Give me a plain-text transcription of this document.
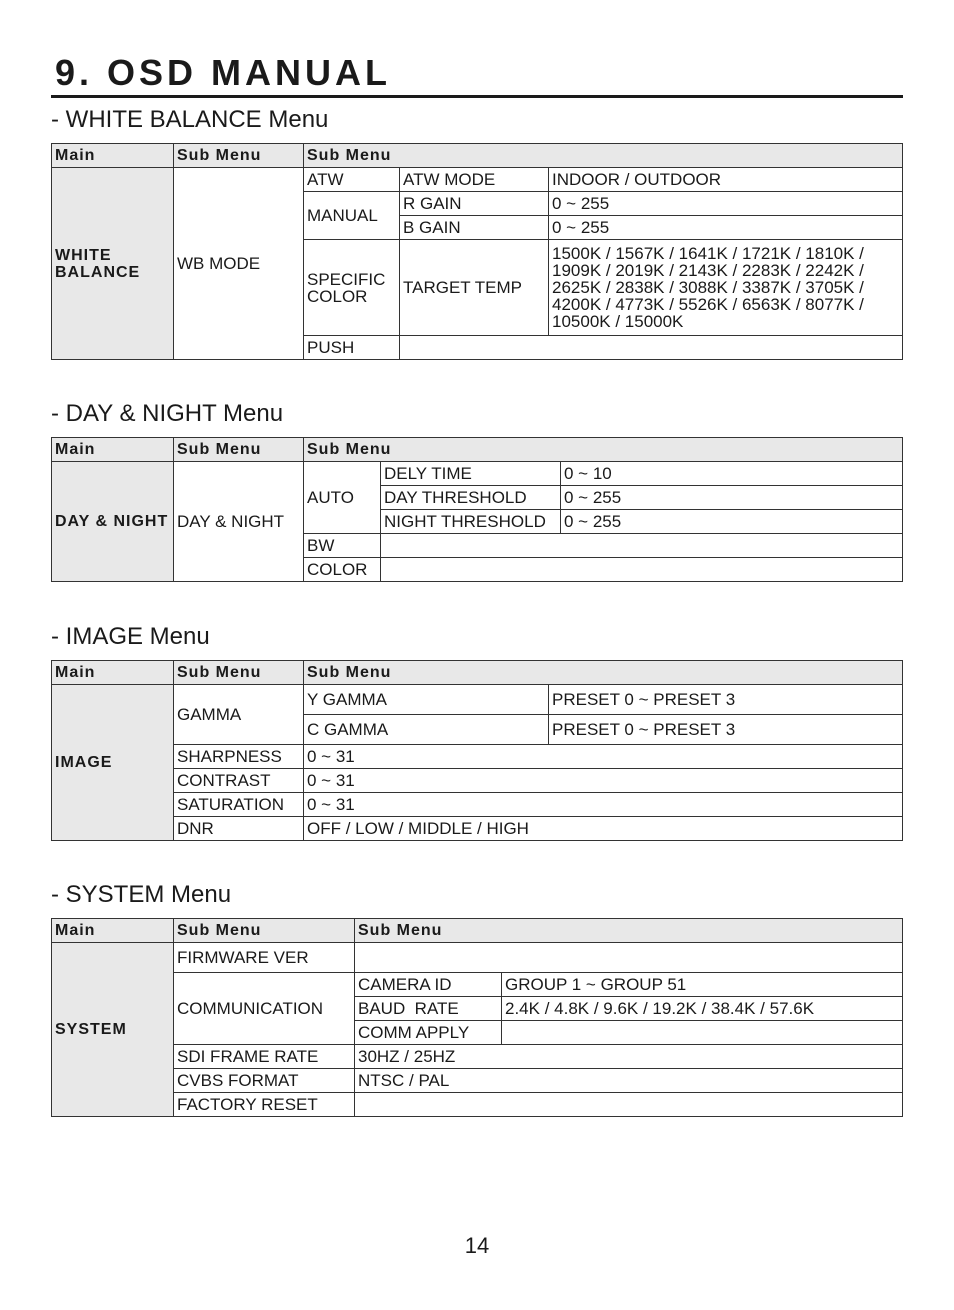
9. OSD MANUAL
- WHITE BALANCE Menu
Main	Sub Menu	Sub Menu		
WHITE BALANCE	WB MODE	ATW	ATW MODE	INDOOR / OUTDOOR
		MANUAL	R GAIN	0 ~ 255
			B GAIN	0 ~ 255
		SPECIFIC COLOR	TARGET TEMP	1500K / 1567K / 1641K / 1721K / 1810K / 1909K / 2019K / 2143K / 2283K / 2242K / 2625K / 2838K / 3088K / 3387K / 3705K / 4200K / 4773K / 5526K / 6563K / 8077K / 10500K / 15000K
		PUSH		
- DAY & NIGHT Menu
Main	Sub Menu	Sub Menu		
DAY & NIGHT	DAY & NIGHT	AUTO	DELY TIME	0 ~ 10
			DAY THRESHOLD	0 ~ 255
			NIGHT THRESHOLD	0 ~ 255
		BW		
		COLOR		
- IMAGE Menu
Main	Sub Menu	Sub Menu	
IMAGE	GAMMA	Y GAMMA	PRESET 0 ~ PRESET 3
		C GAMMA	PRESET 0 ~ PRESET 3
	SHARPNESS	0 ~ 31	
	CONTRAST	0 ~ 31	
	SATURATION	0 ~ 31	
	DNR	OFF / LOW / MIDDLE / HIGH	
- SYSTEM Menu
Main	Sub Menu	Sub Menu	
SYSTEM	FIRMWARE VER		
	COMMUNICATION	CAMERA ID	GROUP 1 ~ GROUP 51
		BAUD  RATE	2.4K / 4.8K / 9.6K / 19.2K / 38.4K / 57.6K
		COMM APPLY	
	SDI FRAME RATE	30HZ / 25HZ	
	CVBS FORMAT	NTSC / PAL	
	FACTORY RESET		
14
